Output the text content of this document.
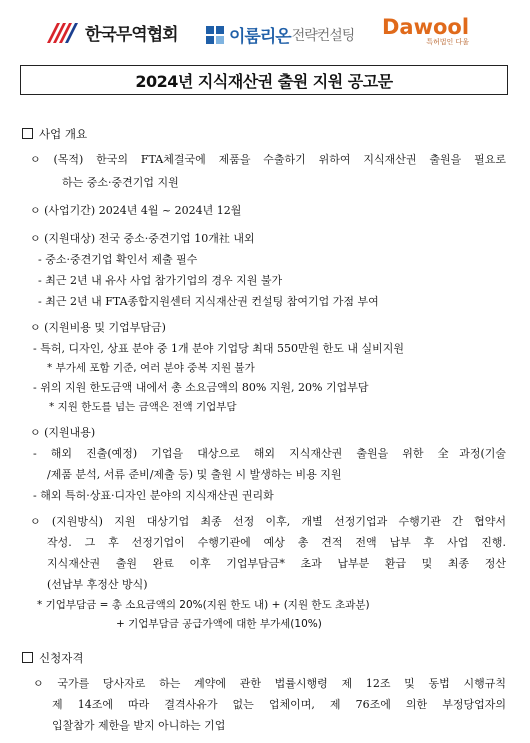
한국무역협회	이룸리온 전략컨설팅 Dawool
특허법인 다울
2024년 지식재산권 출원 지원 공고문
사업 개요
ㅇ (목적) 한국의 FTA체결국에 제품을 수출하기 위하여 지식재산권 출원을 필요로
하는 중소·중견기업 지원
ㅇ (사업기간) 2024년 4월 ~ 2024년 12월
ㅇ (지원대상) 전국 중소·중견기업 10개社 내외
- 중소·중견기업 확인서 제출 필수
- 최근 2년 내 유사 사업 참가기업의 경우 지원 불가
- 최근 2년 내 FTA종합지원센터 지식재산권 컨설팅 참여기업 가점 부여
ㅇ (지원비용 및 기업부담금)
- 특허, 디자인, 상표 분야 중 1개 분야 기업당 최대 550만원 한도 내 실비지원
* 부가세 포함 기준, 여러 분야 중복 지원 불가
- 위의 지원 한도금액 내에서 총 소요금액의 80% 지원, 20% 기업부담
* 지원 한도를 넘는 금액은 전액 기업부담
ㅇ (지원내용)
- 해외 진출(예정) 기업을 대상으로 해외 지식재산권 출원을 위한 全과정(기술
/제품 분석, 서류 준비/제출 등) 및 출원 시 발생하는 비용 지원
- 해외 특허·상표·디자인 분야의 지식재산권 권리화
ㅇ (지원방식) 지원 대상기업 최종 선정 이후, 개별 선정기업과 수행기관 간 협약서
작성. 그 후 선정기업이 수행기관에 예상 총 견적 전액 납부 후 사업 진행.
지식재산권 출원 완료 이후 기업부담금* 초과 납부분 환급 및 최종 정산
(선납부 후정산 방식)
* 기업부담금 = 총 소요금액의 20%(지원 한도 내) + (지원 한도 초과분)
+ 기업부담금 공급가액에 대한 부가세(10%)
신청자격
ㅇ 국가를 당사자로 하는 계약에 관한 법률시행령 제 12조 및 동법 시행규칙
제 14조에 따라 결격사유가 없는 업체이며, 제 76조에 의한 부정당업자의
입찰참가 제한을 받지 아니하는 기업
